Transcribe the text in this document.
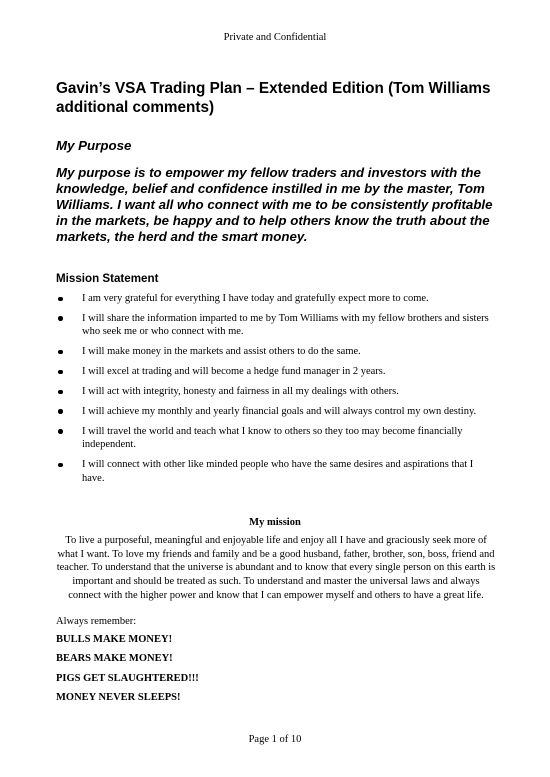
Private and Confidential
Gavin’s VSA Trading Plan – Extended Edition (Tom Williams additional comments)
My Purpose

My purpose is to empower my fellow traders and investors with the knowledge, belief and confidence instilled in me by the master, Tom Williams. I want all who connect with me to be consistently profitable in the markets, be happy and to help others know the truth about the markets, the herd and the smart money.

Mission Statement
I am very grateful for everything I have today and gratefully expect more to come.
I will share the information imparted to me by Tom Williams with my fellow brothers and sisters who seek me or who connect with me.
I will make money in the markets and assist others to do the same.
I will excel at trading and will become a hedge fund manager in 2 years.
I will act with integrity, honesty and fairness in all my dealings with others.
I will achieve my monthly and yearly financial goals and will always control my own destiny.
I will travel the world and teach what I know to others so they too may become financially independent.
I will connect with other like minded people who have the same desires and aspirations that I have.
My mission

To live a purposeful, meaningful and enjoyable life and enjoy all I have and graciously seek more of what I want. To love my friends and family and be a good husband, father, brother, son, boss, friend and teacher. To understand that the universe is abundant and to know that every single person on this earth is important and should be treated as such. To understand and master the universal laws and always connect with the higher power and know that I can empower myself and others to have a great life.

Always remember:

BULLS MAKE MONEY!
BEARS MAKE MONEY!
PIGS GET SLAUGHTERED!!!
MONEY NEVER SLEEPS!
Page 1 of 10
